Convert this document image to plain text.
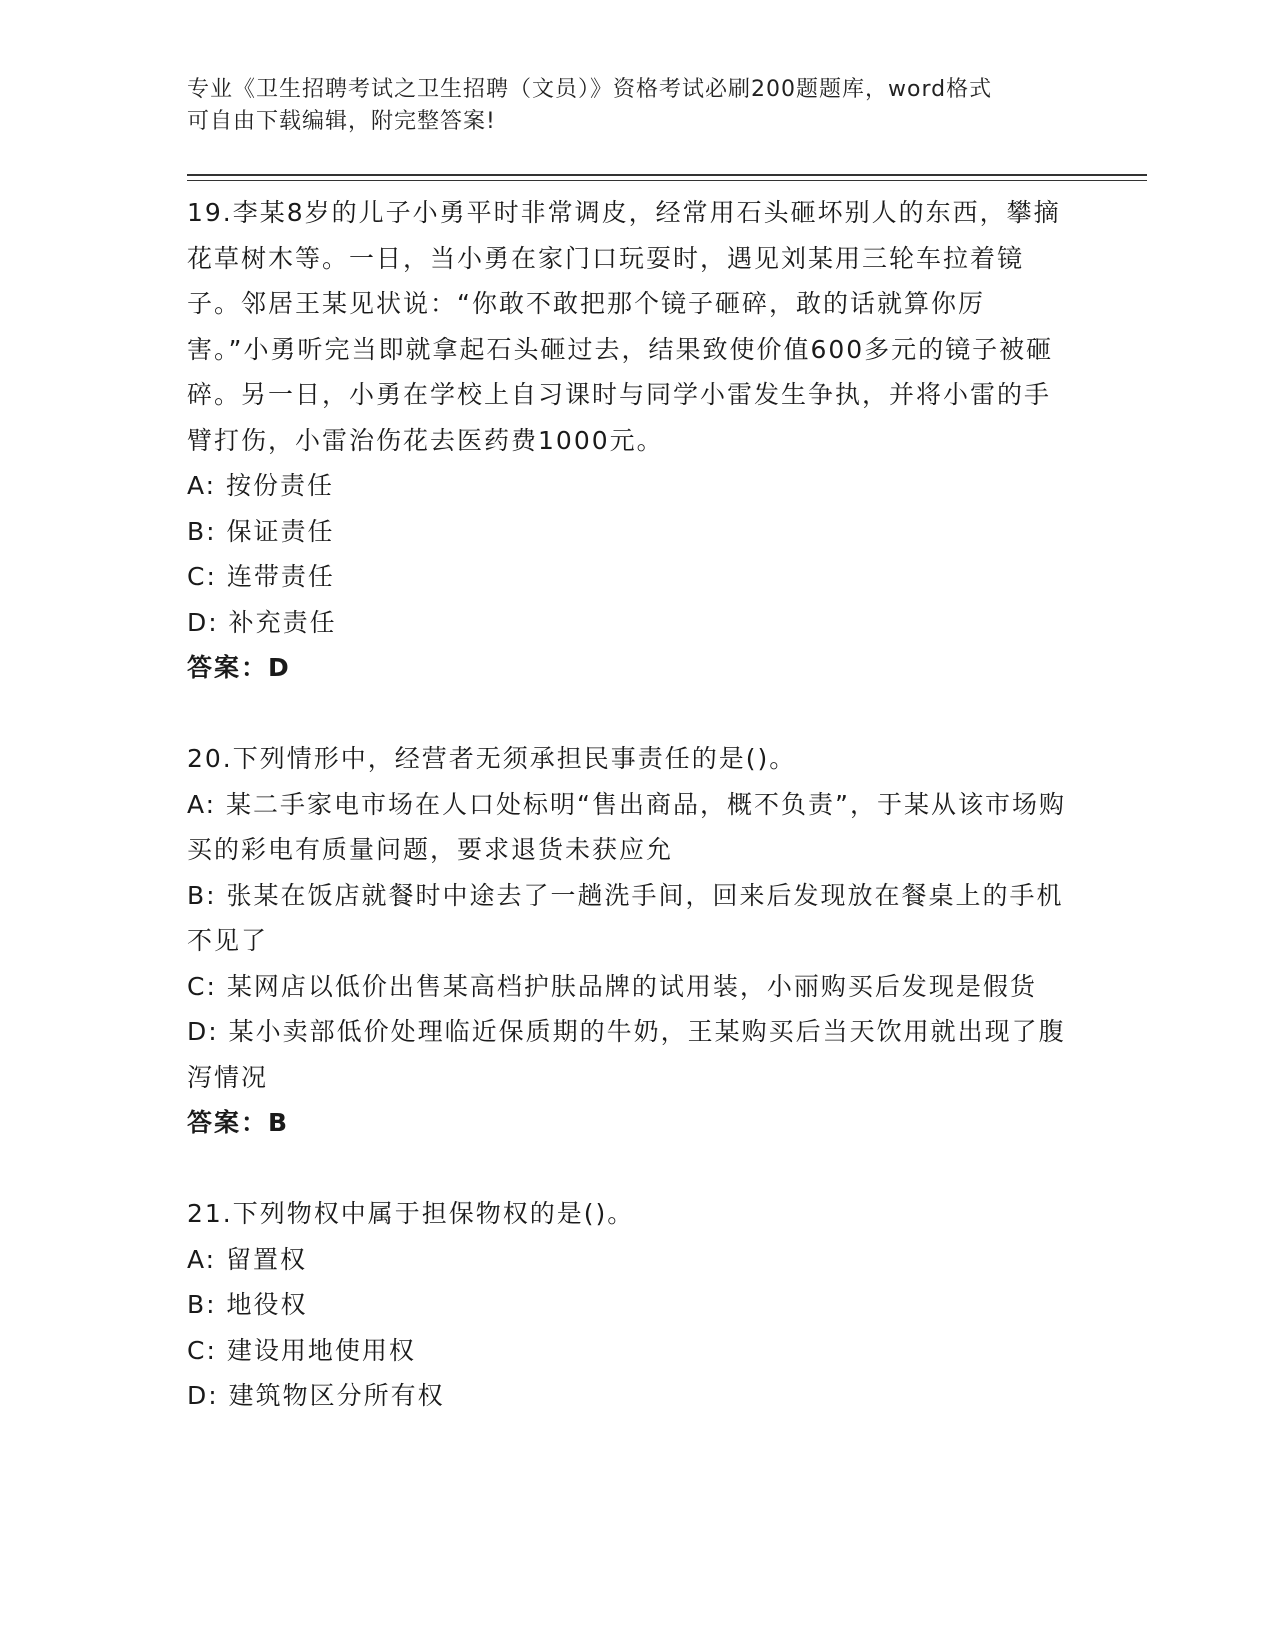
专业《卫生招聘考试之卫生招聘（文员）》资格考试必刷200题题库，word格式
可自由下载编辑，附完整答案!

19.李某8岁的儿子小勇平时非常调皮，经常用石头砸坏别人的东西，攀摘花草树木等。一日，当小勇在家门口玩耍时，遇见刘某用三轮车拉着镜子。邻居王某见状说：“你敢不敢把那个镜子砸碎，敢的话就算你厉害。”小勇听完当即就拿起石头砸过去，结果致使价值600多元的镜子被砸碎。另一日，小勇在学校上自习课时与同学小雷发生争执，并将小雷的手臂打伤，小雷治伤花去医药费1000元。

A: 按份责任

B: 保证责任

C: 连带责任

D: 补充责任

答案：D

20.下列情形中，经营者无须承担民事责任的是()。

A: 某二手家电市场在人口处标明“售出商品，概不负责”，于某从该市场购买的彩电有质量问题，要求退货未获应允

B: 张某在饭店就餐时中途去了一趟洗手间，回来后发现放在餐桌上的手机不见了

C: 某网店以低价出售某高档护肤品牌的试用装，小丽购买后发现是假货

D: 某小卖部低价处理临近保质期的牛奶，王某购买后当天饮用就出现了腹泻情况

答案：B

21.下列物权中属于担保物权的是()。

A: 留置权

B: 地役权

C: 建设用地使用权

D: 建筑物区分所有权
